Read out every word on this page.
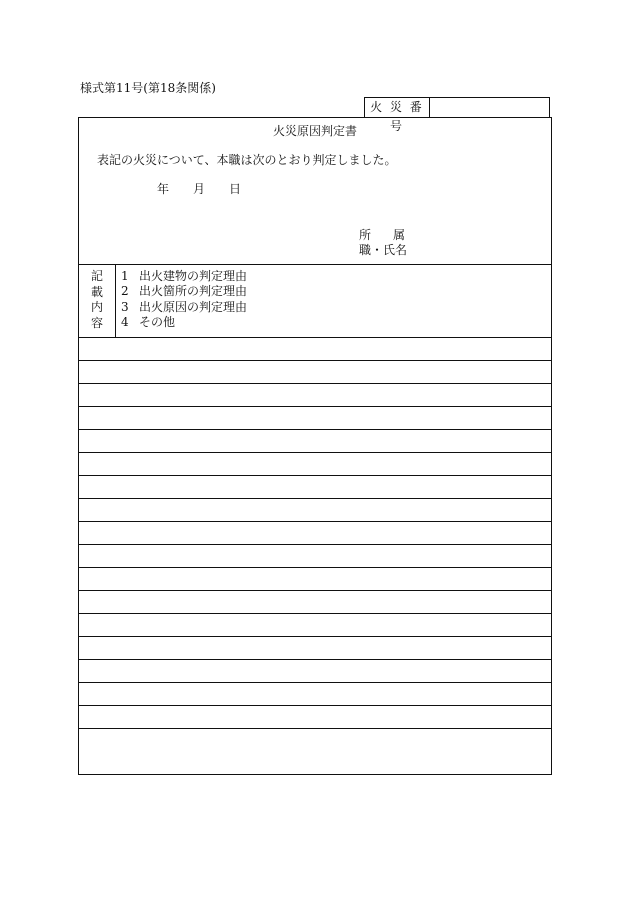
様式第11号(第18条関係)
火 災 番 号
火災原因判定書
表記の火災について、本職は次のとおり判定しました。
年	月	日
所属
職・氏名
記
載
内
容
1 出火建物の判定理由
2 出火箇所の判定理由
3 出火原因の判定理由
4 その他
